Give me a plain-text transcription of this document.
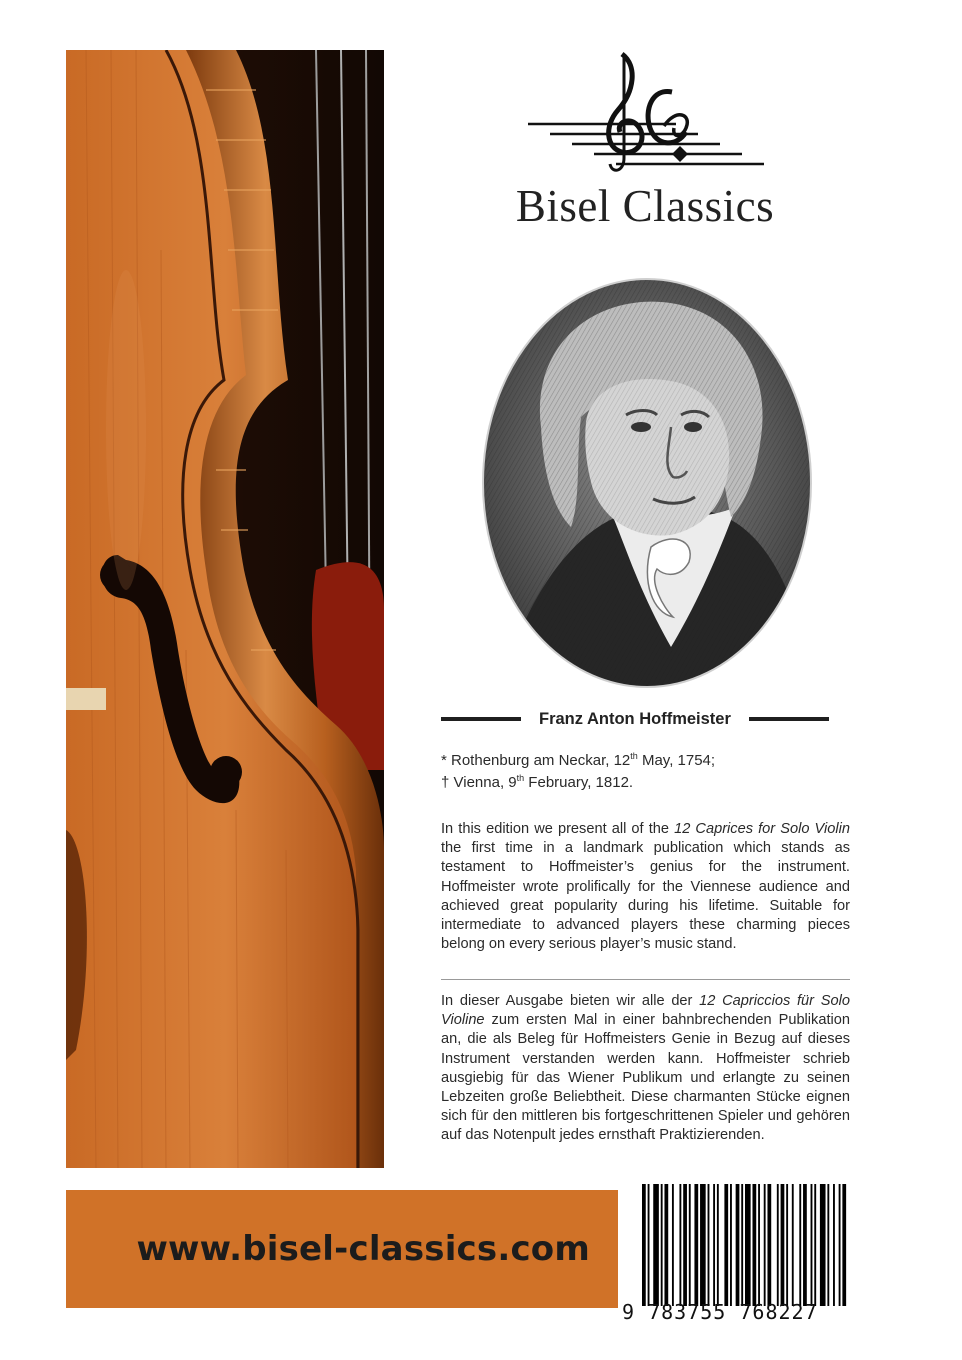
Bisel Classics
Franz Anton Hoffmeister
* Rothenburg am Neckar, 12th May, 1754;
† Vienna, 9th February, 1812.

In this edition we present all of the 12 Caprices for Solo Violin the first time in a landmark publication which stands as testament to Hoffmeister’s genius for the instrument. Hoffmeister wrote prolifically for the Viennese audience and achieved great popularity during his lifetime. Suitable for intermediate to advanced players these charming pieces belong on every serious player’s music stand.

In dieser Ausgabe bieten wir alle der 12 Capriccios für Solo Violine zum ersten Mal in einer bahnbrechenden Publikation an, die als Beleg für Hoffmeisters Genie in Bezug auf dieses Instrument verstanden werden kann. Hoffmeister schrieb ausgiebig für das Wiener Publikum und erlangte zu seinen Lebzeiten große Beliebtheit. Diese charmanten Stücke eignen sich für den mittleren bis fortgeschrittenen Spieler und gehören auf das Notenpult jedes ernsthaft Praktizierenden.

www.bisel-classics.com
9 783755 768227
